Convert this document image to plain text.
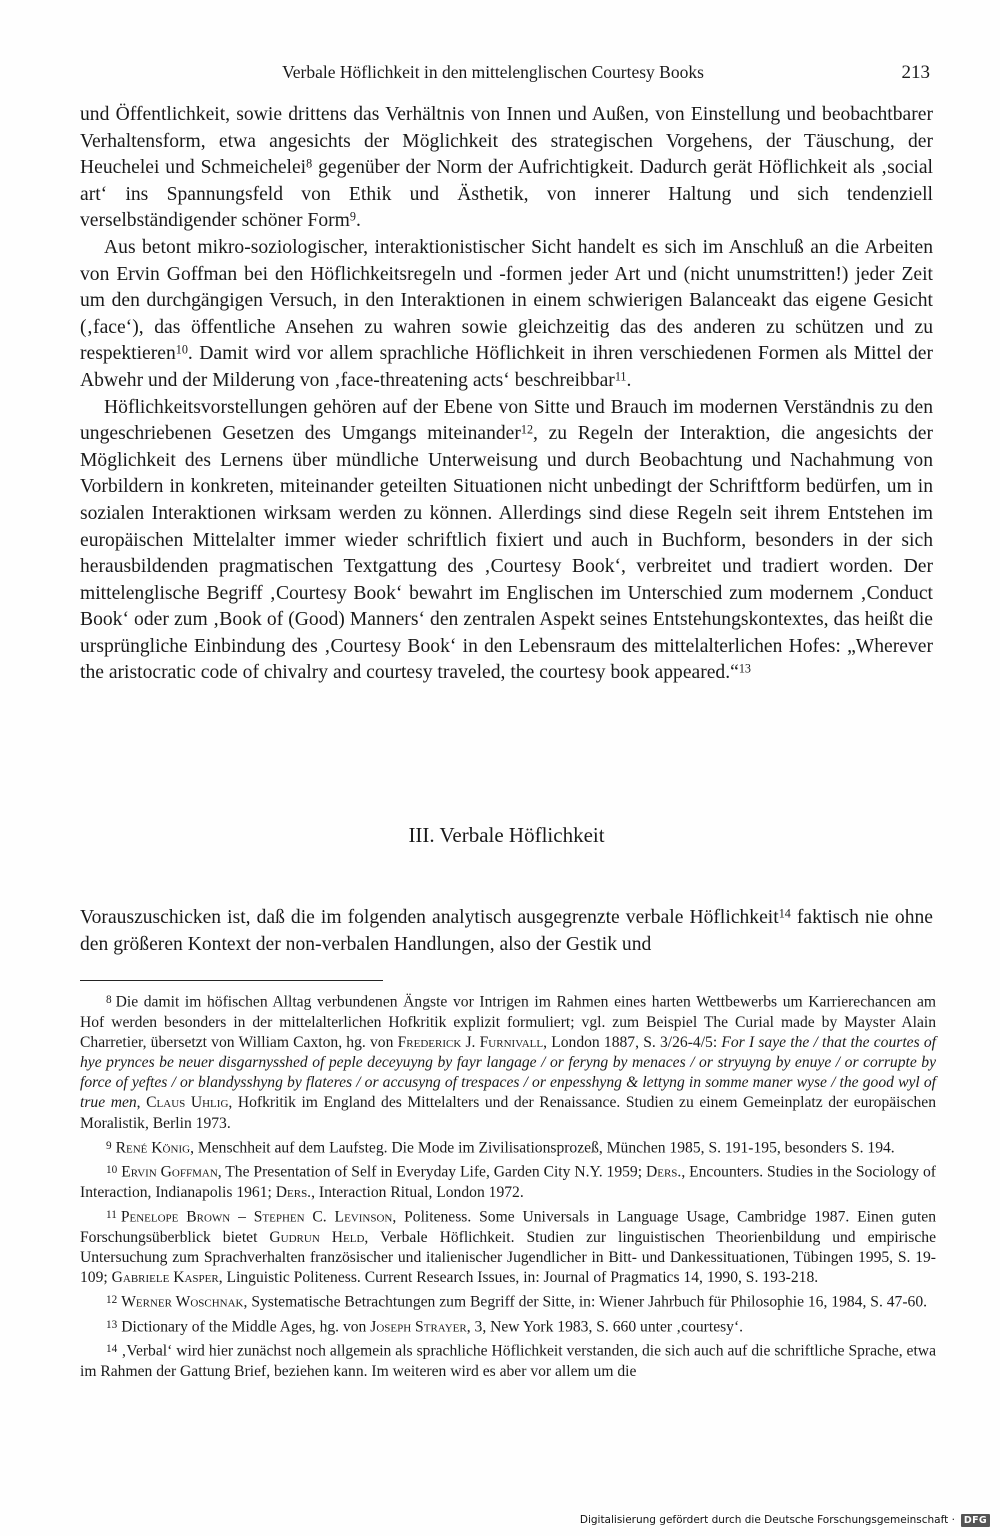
Verbale Höflichkeit in den mittelenglischen Courtesy Books	213

und Öffentlichkeit, sowie drittens das Verhältnis von Innen und Außen, von Einstellung und beobachtbarer Verhaltensform, etwa angesichts der Möglichkeit des strategischen Vorgehens, der Täuschung, der Heuchelei und Schmeichelei$^8$ gegenüber der Norm der Aufrichtigkeit. Dadurch gerät Höflichkeit als ‚social art‘ ins Spannungsfeld von Ethik und Ästhetik, von innerer Haltung und sich tendenziell verselbständigender schöner Form$^9$.

Aus betont mikro-soziologischer, interaktionistischer Sicht handelt es sich im Anschluß an die Arbeiten von Ervin Goffman bei den Höflichkeitsregeln und -formen jeder Art und (nicht unumstritten!) jeder Zeit um den durchgängigen Versuch, in den Interaktionen in einem schwierigen Balanceakt das eigene Gesicht (‚face‘), das öffentliche Ansehen zu wahren sowie gleichzeitig das des anderen zu schützen und zu respektieren$^{10}$. Damit wird vor allem sprachliche Höflichkeit in ihren verschiedenen Formen als Mittel der Abwehr und der Milderung von ‚face-threatening acts‘ beschreibbar$^{11}$.

Höflichkeitsvorstellungen gehören auf der Ebene von Sitte und Brauch im modernen Verständnis zu den ungeschriebenen Gesetzen des Umgangs miteinander$^{12}$, zu Regeln der Interaktion, die angesichts der Möglichkeit des Lernens über mündliche Unterweisung und durch Beobachtung und Nachahmung von Vorbildern in konkreten, miteinander geteilten Situationen nicht unbedingt der Schriftform bedürfen, um in sozialen Interaktionen wirksam werden zu können. Allerdings sind diese Regeln seit ihrem Entstehen im europäischen Mittelalter immer wieder schriftlich fixiert und auch in Buchform, besonders in der sich herausbildenden pragmatischen Textgattung des ‚Courtesy Book‘, verbreitet und tradiert worden. Der mittelenglische Begriff ‚Courtesy Book‘ bewahrt im Englischen im Unterschied zum modernem ‚Conduct Book‘ oder zum ‚Book of (Good) Manners‘ den zentralen Aspekt seines Entstehungskontextes, das heißt die ursprüngliche Einbindung des ‚Courtesy Book‘ in den Lebensraum des mittelalterlichen Hofes: „Wherever the aristocratic code of chivalry and courtesy traveled, the courtesy book appeared.“$^{13}$

III. Verbale Höflichkeit
Vorauszuschicken ist, daß die im folgenden analytisch ausgegrenzte verbale Höflichkeit$^{14}$ faktisch nie ohne den größeren Kontext der non-verbalen Handlungen, also der Gestik und

$^8$ Die damit im höfischen Alltag verbundenen Ängste vor Intrigen im Rahmen eines harten Wettbewerbs um Karrierechancen am Hof werden besonders in der mittelalterlichen Hofkritik explizit formuliert; vgl. zum Beispiel The Curial made by Mayster Alain Charretier, übersetzt von William Caxton, hg. von Frederick J. Furnivall, London 1887, S. 3/26-4/5: For I saye the / that the courtes of hye prynces be neuer disgarnysshed of peple deceyuyng by fayr langage / or feryng by menaces / or stryuyng by enuye / or corrupte by force of yeftes / or blandysshyng by flateres / or accusyng of trespaces / or enpesshyng & lettyng in somme maner wyse / the good wyl of true men, Claus Uhlig, Hofkritik im England des Mittelalters und der Renaissance. Studien zu einem Gemeinplatz der europäischen Moralistik, Berlin 1973.

$^9$ René König, Menschheit auf dem Laufsteg. Die Mode im Zivilisationsprozeß, München 1985, S. 191-195, besonders S. 194.

$^{10}$ Ervin Goffman, The Presentation of Self in Everyday Life, Garden City N.Y. 1959; Ders., Encounters. Studies in the Sociology of Interaction, Indianapolis 1961; Ders., Interaction Ritual, London 1972.

$^{11}$ Penelope Brown – Stephen C. Levinson, Politeness. Some Universals in Language Usage, Cambridge 1987. Einen guten Forschungsüberblick bietet Gudrun Held, Verbale Höflichkeit. Studien zur linguistischen Theorienbildung und empirische Untersuchung zum Sprachverhalten französischer und italienischer Jugendlicher in Bitt- und Dankessituationen, Tübingen 1995, S. 19-109; Gabriele Kasper, Linguistic Politeness. Current Research Issues, in: Journal of Pragmatics 14, 1990, S. 193-218.

$^{12}$ Werner Woschnak, Systematische Betrachtungen zum Begriff der Sitte, in: Wiener Jahrbuch für Philosophie 16, 1984, S. 47-60.

$^{13}$ Dictionary of the Middle Ages, hg. von Joseph Strayer, 3, New York 1983, S. 660 unter ‚courtesy‘.

$^{14}$ ‚Verbal‘ wird hier zunächst noch allgemein als sprachliche Höflichkeit verstanden, die sich auch auf die schriftliche Sprache, etwa im Rahmen der Gattung Brief, beziehen kann. Im weiteren wird es aber vor allem um die

Digitalisierung gefördert durch die Deutsche Forschungsgemeinschaft · DFG
